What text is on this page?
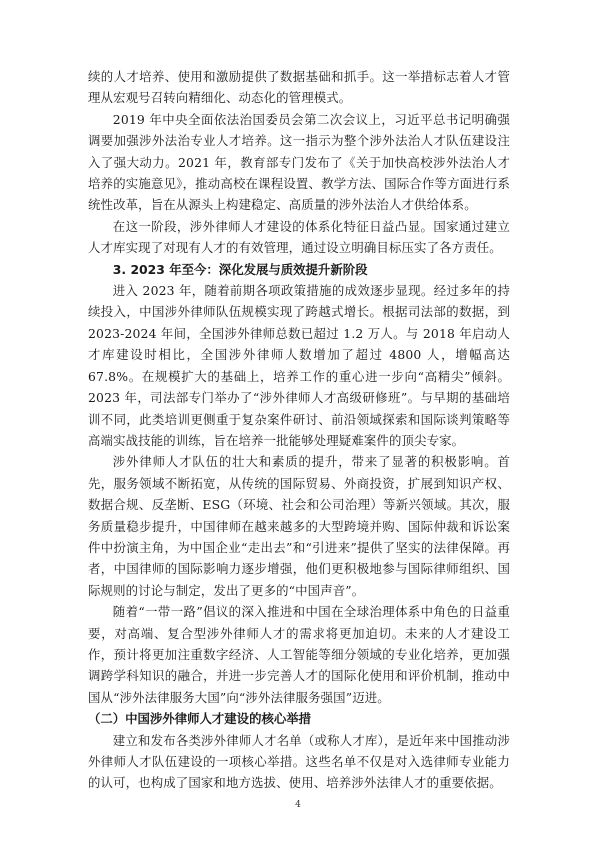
续的人才培养、使用和激励提供了数据基础和抓手。这一举措标志着人才管理从宏观号召转向精细化、动态化的管理模式。

2019 年中央全面依法治国委员会第二次会议上，习近平总书记明确强调要加强涉外法治专业人才培养。这一指示为整个涉外法治人才队伍建设注入了强大动力。2021 年，教育部专门发布了《关于加快高校涉外法治人才培养的实施意见》，推动高校在课程设置、教学方法、国际合作等方面进行系统性改革，旨在从源头上构建稳定、高质量的涉外法治人才供给体系。

在这一阶段，涉外律师人才建设的体系化特征日益凸显。国家通过建立人才库实现了对现有人才的有效管理，通过设立明确目标压实了各方责任。

3. 2023 年至今：深化发展与质效提升新阶段

进入 2023 年，随着前期各项政策措施的成效逐步显现。经过多年的持续投入，中国涉外律师队伍规模实现了跨越式增长。根据司法部的数据，到 2023-2024 年间，全国涉外律师总数已超过 1.2 万人。与 2018 年启动人才库建设时相比，全国涉外律师人数增加了超过 4800 人，增幅高达 67.8%。在规模扩大的基础上，培养工作的重心进一步向“高精尖”倾斜。2023 年，司法部专门举办了“涉外律师人才高级研修班”。与早期的基础培训不同，此类培训更侧重于复杂案件研讨、前沿领域探索和国际谈判策略等高端实战技能的训练，旨在培养一批能够处理疑难案件的顶尖专家。

涉外律师人才队伍的壮大和素质的提升，带来了显著的积极影响。首先，服务领域不断拓宽，从传统的国际贸易、外商投资，扩展到知识产权、数据合规、反垄断、ESG（环境、社会和公司治理）等新兴领域。其次，服务质量稳步提升，中国律师在越来越多的大型跨境并购、国际仲裁和诉讼案件中扮演主角，为中国企业“走出去”和“引进来”提供了坚实的法律保障。再者，中国律师的国际影响力逐步增强，他们更积极地参与国际律师组织、国际规则的讨论与制定，发出了更多的“中国声音”。

随着“一带一路”倡议的深入推进和中国在全球治理体系中角色的日益重要，对高端、复合型涉外律师人才的需求将更加迫切。未来的人才建设工作，预计将更加注重数字经济、人工智能等细分领域的专业化培养，更加强调跨学科知识的融合，并进一步完善人才的国际化使用和评价机制，推动中国从“涉外法律服务大国”向“涉外法律服务强国”迈进。

（二）中国涉外律师人才建设的核心举措

建立和发布各类涉外律师人才名单（或称人才库），是近年来中国推动涉外律师人才队伍建设的一项核心举措。这些名单不仅是对入选律师专业能力的认可，也构成了国家和地方选拔、使用、培养涉外法律人才的重要依据。

4
